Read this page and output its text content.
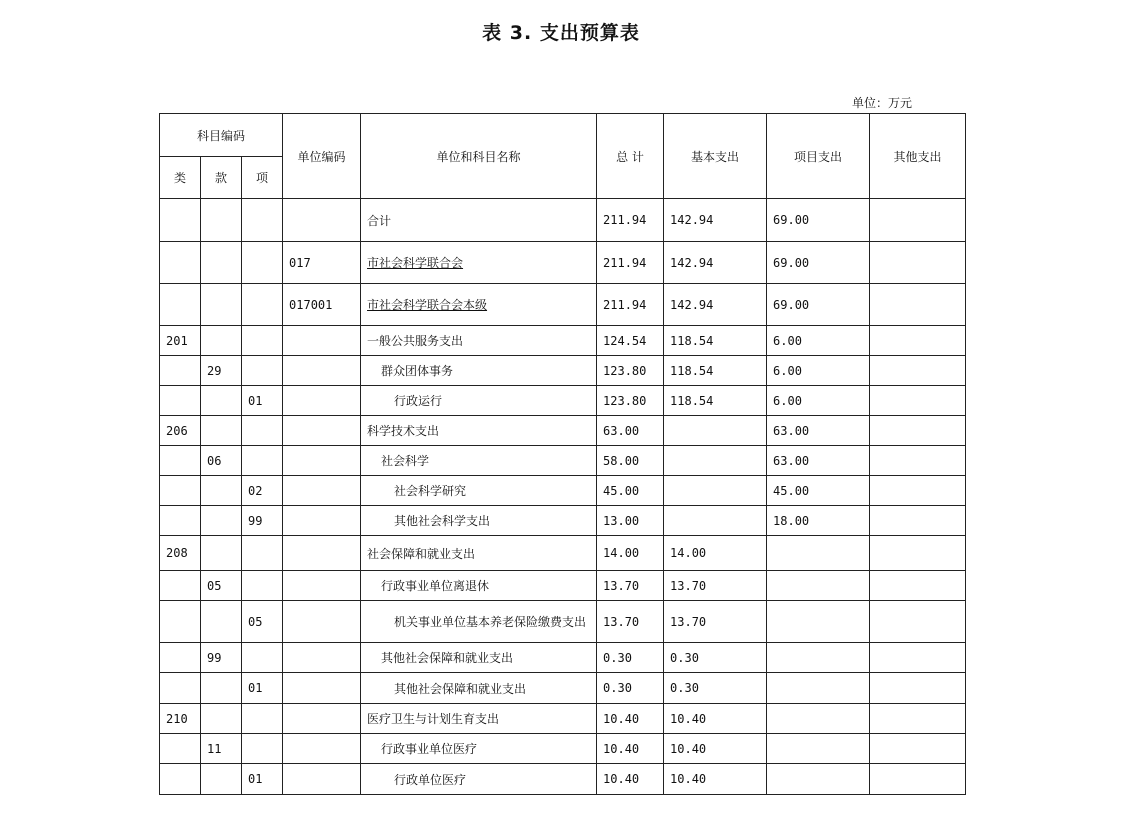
表 3. 支出预算表
单位：万元
科目编码			单位编码	单位和科目名称	总 计	基本支出	项目支出	其他支出
类	款	项						
				合计	211.94	142.94	69.00	
			017	市社会科学联合会	211.94	142.94	69.00	
			017001	市社会科学联合会本级	211.94	142.94	69.00	
201				一般公共服务支出	124.54	118.54	6.00	
	29			群众团体事务	123.80	118.54	6.00	
		01		行政运行	123.80	118.54	6.00	
206				科学技术支出	63.00		63.00	
	06			社会科学	58.00		63.00	
		02		社会科学研究	45.00		45.00	
		99		其他社会科学支出	13.00		18.00	
208				社会保障和就业支出	14.00	14.00		
	05			行政事业单位离退休	13.70	13.70		
		05		机关事业单位基本养老保险缴费支出	13.70	13.70		
	99			其他社会保障和就业支出	0.30	0.30		
		01		其他社会保障和就业支出	0.30	0.30		
210				医疗卫生与计划生育支出	10.40	10.40		
	11			行政事业单位医疗	10.40	10.40		
		01		行政单位医疗	10.40	10.40		
